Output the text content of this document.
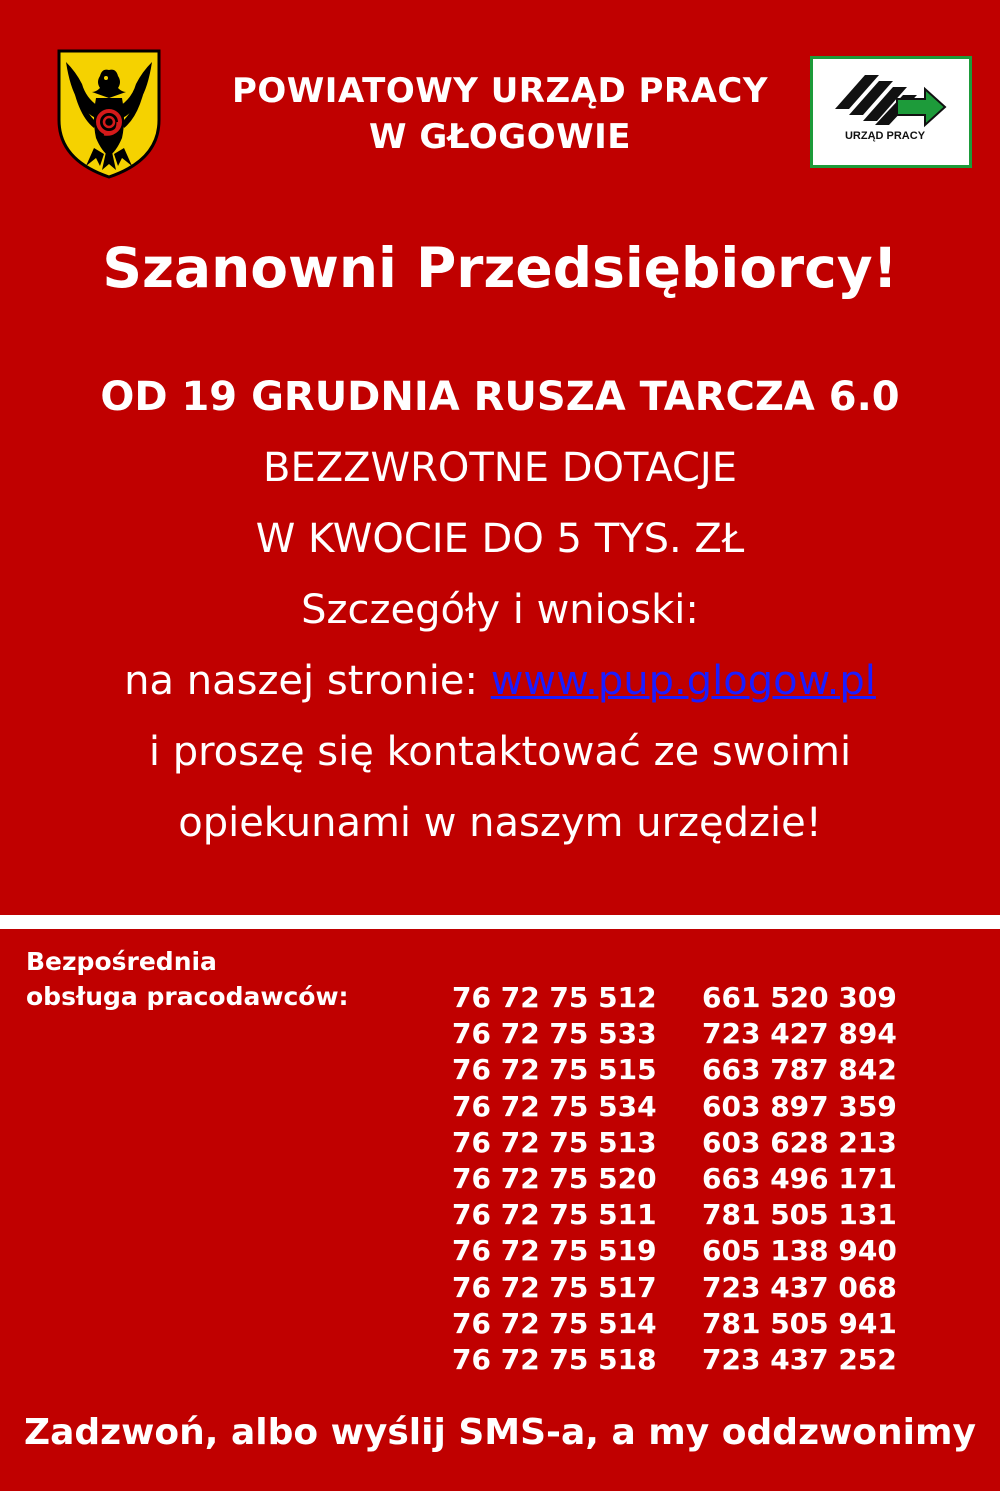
URZĄD PRACY
POWIATOWY URZĄD PRACY
W GŁOGOWIE
Szanowni Przedsiębiorcy!
OD 19 GRUDNIA RUSZA TARCZA 6.0
BEZZWROTNE DOTACJE
W KWOCIE DO 5 TYS. ZŁ
Szczegóły i wnioski:
na naszej stronie: www.pup.glogow.pl
i proszę się kontaktować ze swoimi
opiekunami w naszym urzędzie!
Bezpośrednia
obsługa pracodawców:	76 72 75 512
76 72 75 533
76 72 75 515
76 72 75 534
76 72 75 513
76 72 75 520
76 72 75 511
76 72 75 519
76 72 75 517
76 72 75 514
76 72 75 518
661 520 309
723 427 894
663 787 842
603 897 359
603 628 213
663 496 171
781 505 131
605 138 940
723 437 068
781 505 941
723 437 252
Zadzwoń, albo wyślij SMS-a, a my oddzwonimy
